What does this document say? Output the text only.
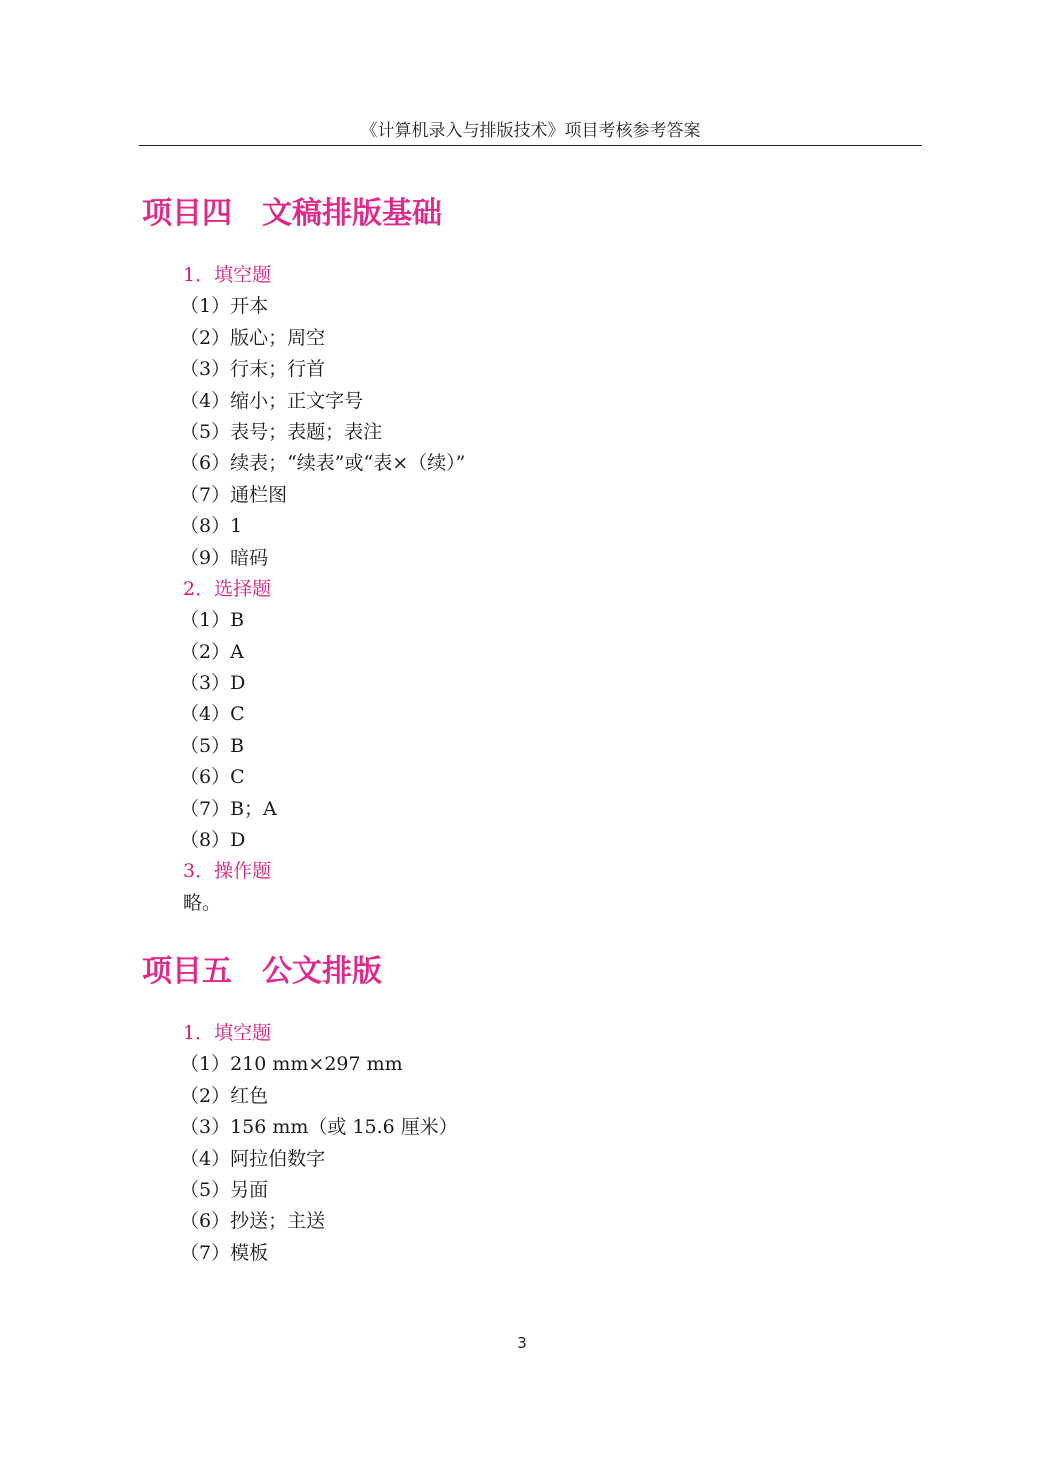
《计算机录入与排版技术》项目考核参考答案
项目四　文稿排版基础
1．填空题
（1）开本
（2）版心；周空
（3）行末；行首
（4）缩小；正文字号
（5）表号；表题；表注
（6）续表；“续表”或“表×（续）”
（7）通栏图
（8）1
（9）暗码
2．选择题
（1）B
（2）A
（3）D
（4）C
（5）B
（6）C
（7）B；A
（8）D
3．操作题
略。
项目五　公文排版
1．填空题
（1）210 mm×297 mm
（2）红色
（3）156 mm（或 15.6 厘米）
（4）阿拉伯数字
（5）另面
（6）抄送；主送
（7）模板
3
